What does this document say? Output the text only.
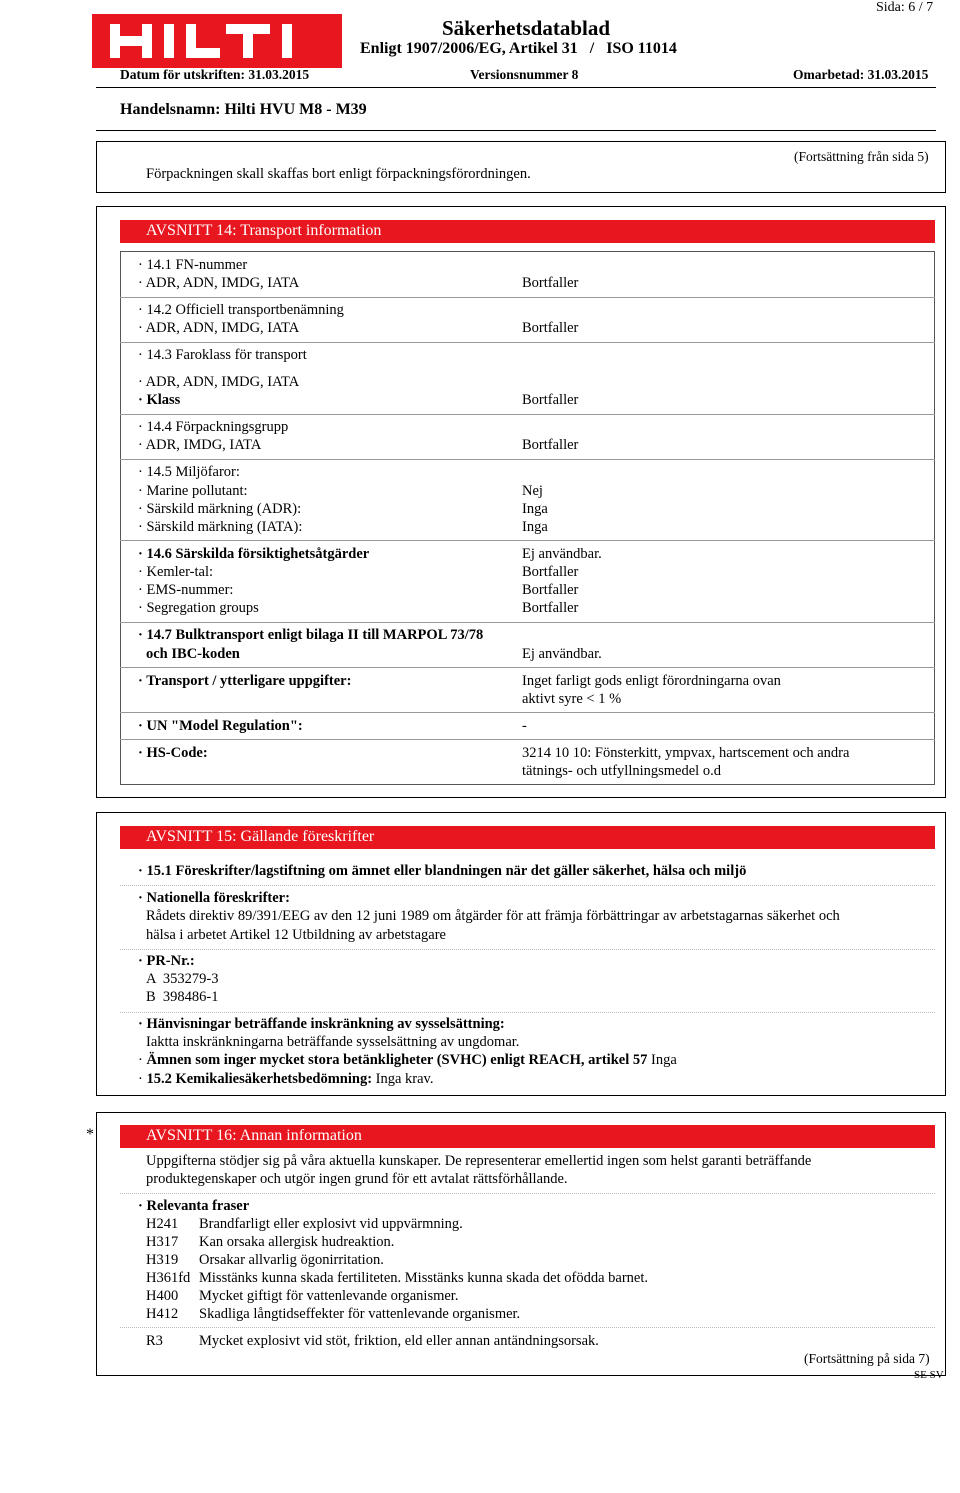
Sida: 6 / 7
Säkerhetsdatablad
Enligt 1907/2006/EG, Artikel 31   /   ISO 11014
Datum för utskriften: 31.03.2015	Versionsnummer 8	Omarbetad: 31.03.2015
Handelsnamn: Hilti HVU M8 - M39
Förpackningen skall skaffas bort enligt förpackningsförordningen.
(Fortsättning från sida 5)
AVSNITT 14: Transport information
· 14.1 FN-nummer
· ADR, ADN, IMDG, IATA	Bortfaller
· 14.2 Officiell transportbenämning
· ADR, ADN, IMDG, IATA	Bortfaller
· 14.3 Faroklass för transport
· ADR, ADN, IMDG, IATA
· Klass	Bortfaller
· 14.4 Förpackningsgrupp
· ADR, IMDG, IATA	Bortfaller
· 14.5 Miljöfaror:
· Marine pollutant:	Nej
· Särskild märkning (ADR):	Inga
· Särskild märkning (IATA):	Inga
· 14.6 Särskilda försiktighetsåtgärder	Ej användbar.
· Kemler-tal:	Bortfaller
· EMS-nummer:	Bortfaller
· Segregation groups	Bortfaller
· 14.7 Bulktransport enligt bilaga II till MARPOL 73/78
och IBC-koden	Ej användbar.
· Transport / ytterligare uppgifter:	Inget farligt gods enligt förordningarna ovan
aktivt syre < 1 %
· UN "Model Regulation":	-
· HS-Code:	3214 10 10: Fönsterkitt, ympvax, hartscement och andra
tätnings- och utfyllningsmedel o.d
AVSNITT 15: Gällande föreskrifter
· 15.1 Föreskrifter/lagstiftning om ämnet eller blandningen när det gäller säkerhet, hälsa och miljö
· Nationella föreskrifter:
Rådets direktiv 89/391/EEG av den 12 juni 1989 om åtgärder för att främja förbättringar av arbetstagarnas säkerhet och
hälsa i arbetet Artikel 12 Utbildning av arbetstagare
· PR-Nr.:
A  353279-3
B  398486-1
· Hänvisningar beträffande inskränkning av sysselsättning:
Iaktta inskränkningarna beträffande sysselsättning av ungdomar.
· Ämnen som inger mycket stora betänkligheter (SVHC) enligt REACH, artikel 57 Inga
· 15.2 Kemikaliesäkerhetsbedömning: Inga krav.
*	AVSNITT 16: Annan information
Uppgifterna stödjer sig på våra aktuella kunskaper. De representerar emellertid ingen som helst garanti beträffande
produktegenskaper och utgör ingen grund för ett avtalat rättsförhållande.
· Relevanta fraser
H241 Brandfarligt eller explosivt vid uppvärmning.
H317 Kan orsaka allergisk hudreaktion.
H319 Orsakar allvarlig ögonirritation.
H361fd Misstänks kunna skada fertiliteten. Misstänks kunna skada det ofödda barnet.
H400 Mycket giftigt för vattenlevande organismer.
H412 Skadliga långtidseffekter för vattenlevande organismer.
R3 Mycket explosivt vid stöt, friktion, eld eller annan antändningsorsak.
(Fortsättning på sida 7)
SE SV
